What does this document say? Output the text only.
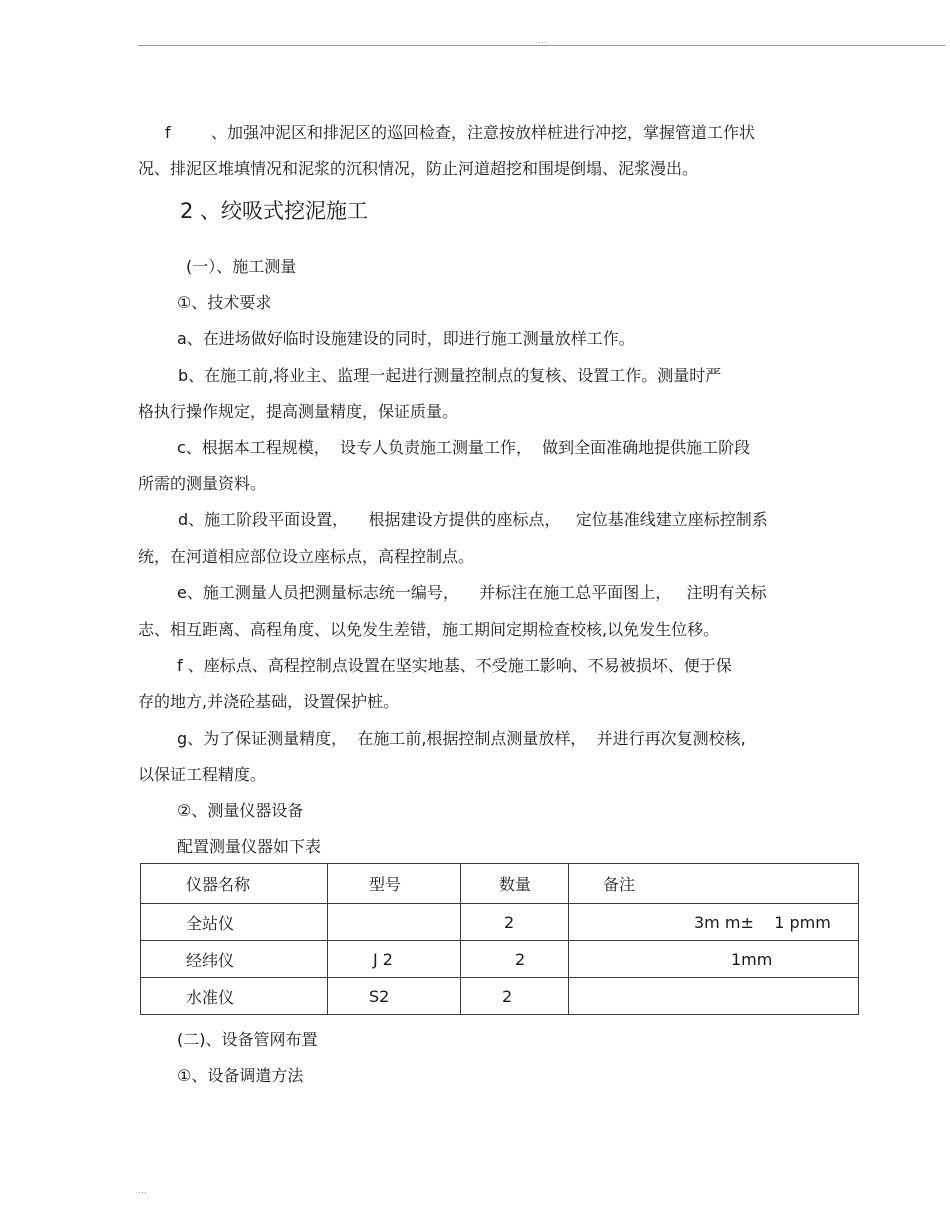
...
f	、加强冲泥区和排泥区的巡回检查，注意按放样桩进行冲挖，掌握管道工作状
况、排泥区堆填情况和泥浆的沉积情况，防止河道超挖和围堤倒塌、泥浆漫出。
2 、绞吸式挖泥施工
(一）、施工测量
①、技术要求
a、在进场做好临时设施建设的同时，即进行施工测量放样工作。
b、在施工前,将业主、监理一起进行测量控制点的复核、设置工作。测量时严
格执行操作规定，提高测量精度，保证质量。
c、根据本工程规模，  设专人负责施工测量工作，  做到全面准确地提供施工阶段
所需的测量资料。
d、施工阶段平面设置，    根据建设方提供的座标点，   定位基准线建立座标控制系
统，在河道相应部位设立座标点，高程控制点。
e、施工测量人员把测量标志统一编号，    并标注在施工总平面图上，   注明有关标
志、相互距离、高程角度、以免发生差错，施工期间定期检查校核,以免发生位移。
f 、座标点、高程控制点设置在坚实地基、不受施工影响、不易被损坏、便于保
存的地方,并浇砼基础，设置保护桩。
g、为了保证测量精度，  在施工前,根据控制点测量放样，  并进行再次复测校核,
以保证工程精度。
②、测量仪器设备
配置测量仪器如下表
仪器名称	型号	数量	备注
全站仪		2	3m m±    1 pmm
经纬仪	J 2	2	1mm
水准仪	S2	2	
(二)、设备管网布置
①、设备调遣方法
...
